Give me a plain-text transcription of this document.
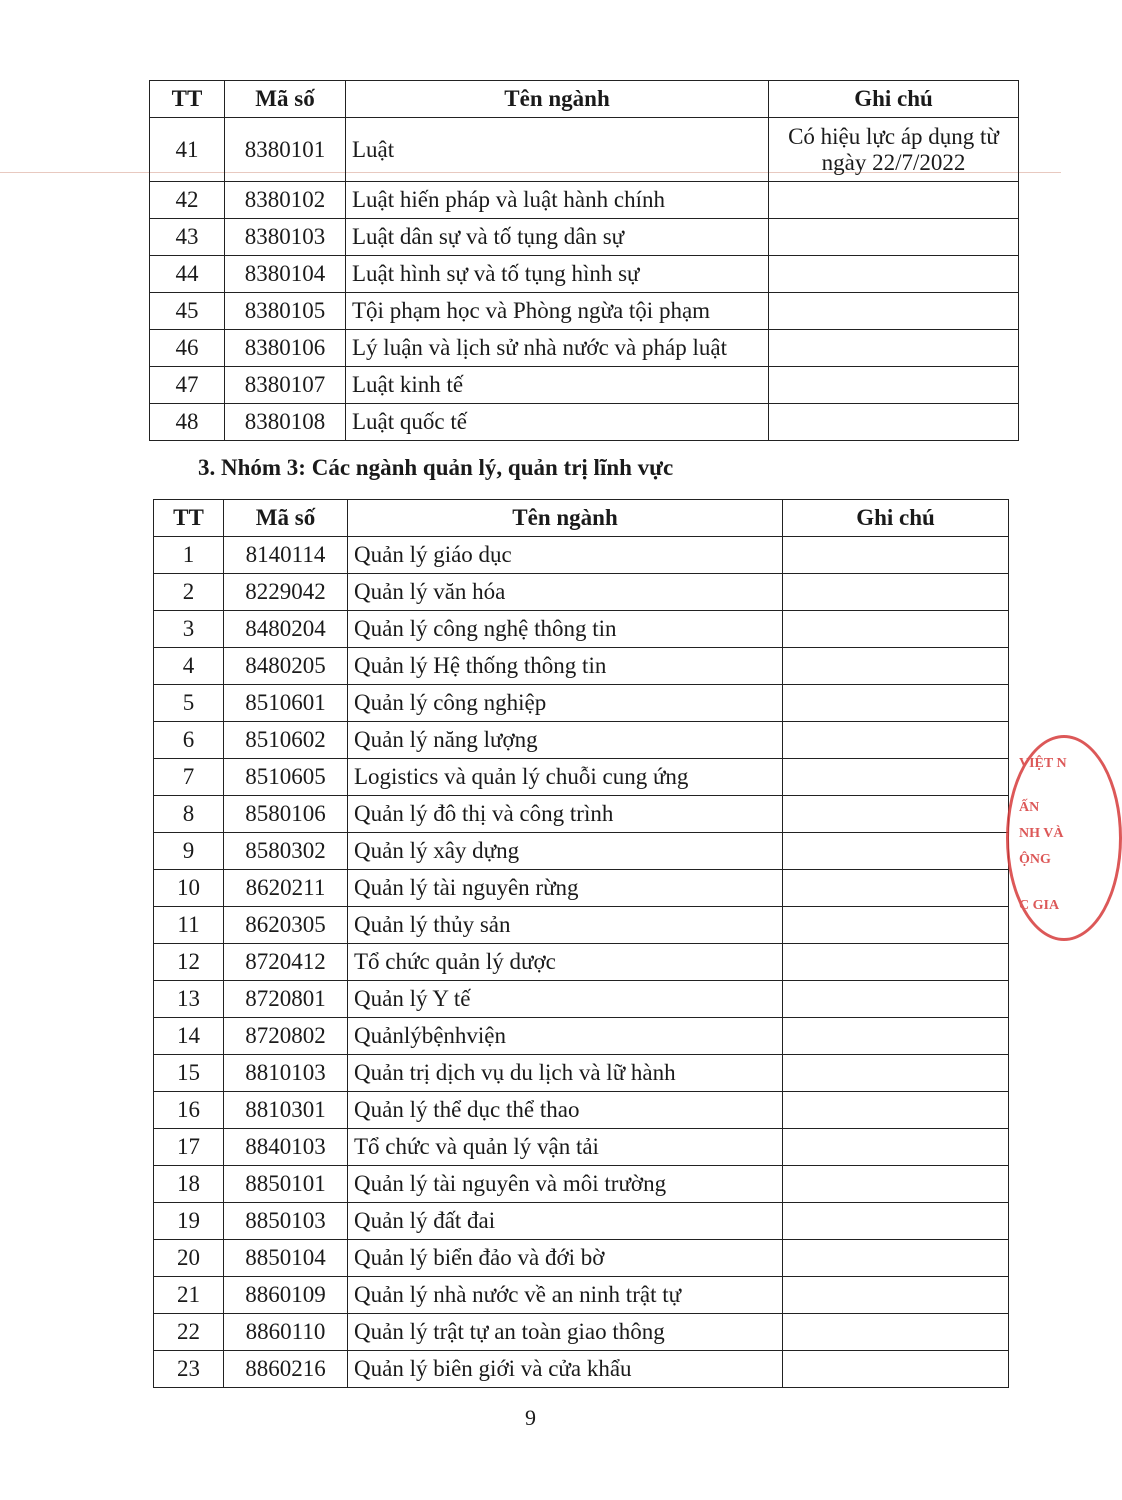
TT	Mã số	Tên ngành	Ghi chú
41	8380101	Luật	Có hiệu lực áp dụng từ ngày 22/7/2022
42	8380102	Luật hiến pháp và luật hành chính	
43	8380103	Luật dân sự và tố tụng dân sự	
44	8380104	Luật hình sự và tố tụng hình sự	
45	8380105	Tội phạm học và Phòng ngừa tội phạm	
46	8380106	Lý luận và lịch sử nhà nước và pháp luật	
47	8380107	Luật kinh tế	
48	8380108	Luật quốc tế	
3. Nhóm 3: Các ngành quản lý, quản trị lĩnh vực
TT	Mã số	Tên ngành	Ghi chú
1	8140114	Quản lý giáo dục	
2	8229042	Quản lý văn hóa	
3	8480204	Quản lý công nghệ thông tin	
4	8480205	Quản lý Hệ thống thông tin	
5	8510601	Quản lý công nghiệp	
6	8510602	Quản lý năng lượng	
7	8510605	Logistics và quản lý chuỗi cung ứng	
8	8580106	Quản lý đô thị và công trình	
9	8580302	Quản lý xây dựng	
10	8620211	Quản lý tài nguyên rừng	
11	8620305	Quản lý thủy sản	
12	8720412	Tổ chức quản lý dược	
13	8720801	Quản lý Y tế	
14	8720802	Quảnlýbệnhviện	
15	8810103	Quản trị dịch vụ du lịch và lữ hành	
16	8810301	Quản lý thể dục thể thao	
17	8840103	Tổ chức và quản lý vận tải	
18	8850101	Quản lý tài nguyên và môi trường	
19	8850103	Quản lý đất đai	
20	8850104	Quản lý biển đảo và đới bờ	
21	8860109	Quản lý nhà nước về an ninh trật tự	
22	8860110	Quản lý trật tự an toàn giao thông	
23	8860216	Quản lý biên giới và cửa khẩu	
VIỆT N
ẤN
NH VÀ
ỘNG
C GIA
9
